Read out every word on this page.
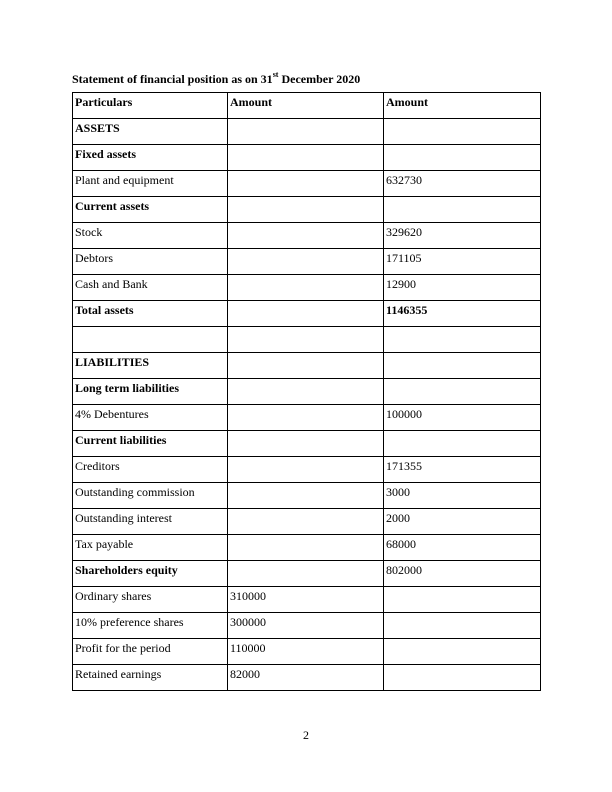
Statement of financial position as on 31st December 2020
Particulars	Amount	Amount
ASSETS		
Fixed assets		
Plant and equipment		632730
Current assets		
Stock		329620
Debtors		171105
Cash and Bank		12900
Total assets		1146355

LIABILITIES		
Long term liabilities		
4% Debentures		100000
Current liabilities		
Creditors		171355
Outstanding commission		3000
Outstanding interest		2000
Tax payable		68000
Shareholders equity		802000
Ordinary shares	310000	
10% preference shares	300000	
Profit for the period	110000	
Retained earnings	82000	
2
